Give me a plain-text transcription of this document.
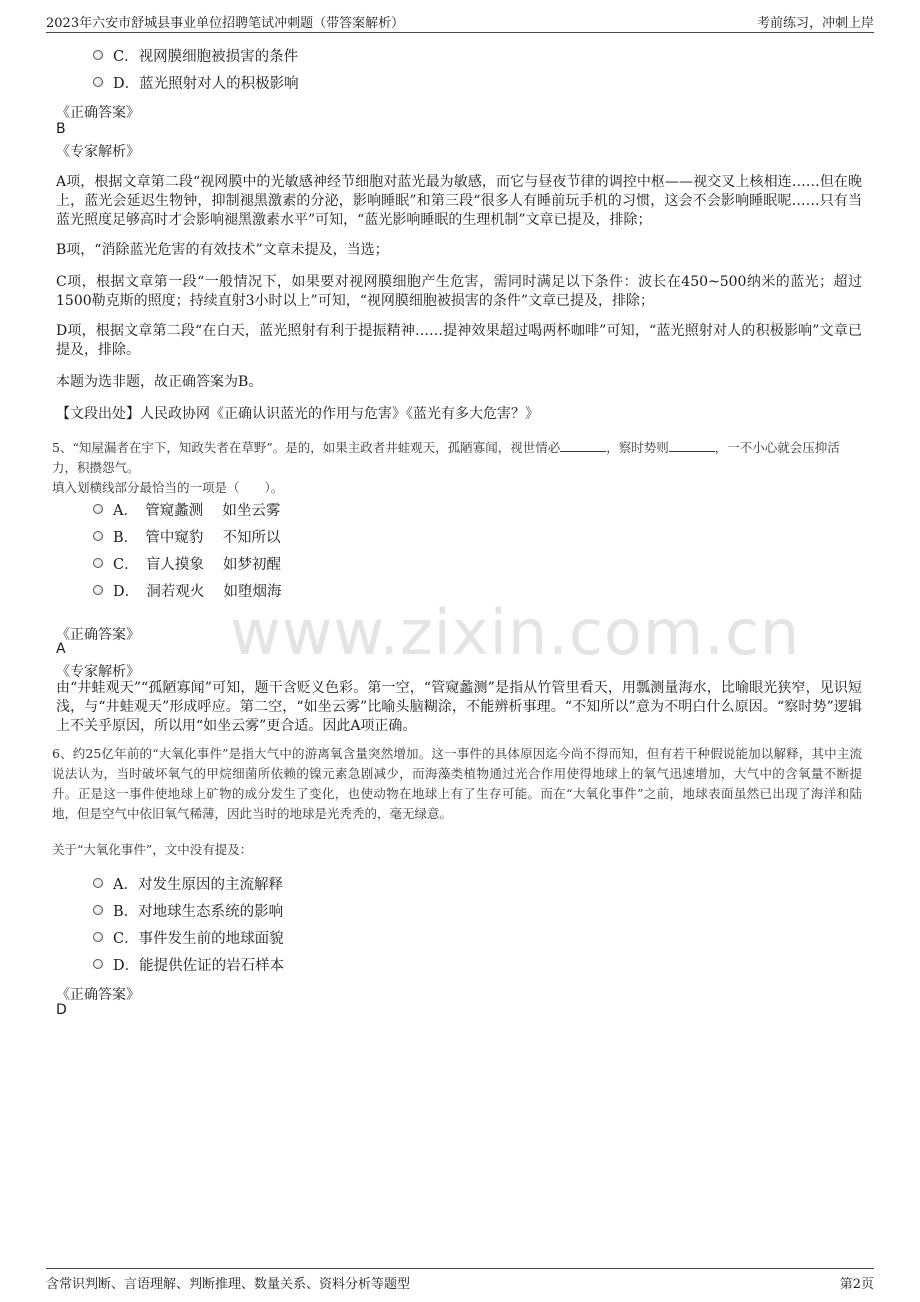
2023年六安市舒城县事业单位招聘笔试冲刺题（带答案解析）	考前练习，冲刺上岸
www.zixin.com.cn
C．视网膜细胞被损害的条件
D．蓝光照射对人的积极影响
《正确答案》
B
《专家解析》
A项，根据文章第二段“视网膜中的光敏感神经节细胞对蓝光最为敏感，而它与昼夜节律的调控中枢——视交叉上核相连……但在晚上，蓝光会延迟生物钟，抑制褪黑激素的分泌，影响睡眠”和第三段“很多人有睡前玩手机的习惯，这会不会影响睡眠呢……只有当蓝光照度足够高时才会影响褪黑激素水平”可知，“蓝光影响睡眠的生理机制”文章已提及，排除；
B项，“消除蓝光危害的有效技术”文章未提及，当选；
C项，根据文章第一段“一般情况下，如果要对视网膜细胞产生危害，需同时满足以下条件：波长在450~500纳米的蓝光；超过1500勒克斯的照度；持续直射3小时以上”可知，“视网膜细胞被损害的条件”文章已提及，排除；
D项，根据文章第二段“在白天，蓝光照射有利于提振精神……提神效果超过喝两杯咖啡”可知，“蓝光照射对人的积极影响”文章已提及，排除。
本题为选非题，故正确答案为B。
【文段出处】人民政协网《正确认识蓝光的作用与危害》《蓝光有多大危害？》
5、“知屋漏者在宇下，知政失者在草野”。是的，如果主政者井蛙观天，孤陋寡闻，视世情必	，察时势则	，一不小心就会压抑活
力，积攒怨气。
填入划横线部分最恰当的一项是（　　）。
A．　管窥蠡测　 如坐云雾
B．　管中窥豹　 不知所以
C．　盲人摸象　 如梦初醒
D．　洞若观火　 如堕烟海
《正确答案》
A
《专家解析》
由“井蛙观天”“孤陋寡闻”可知，题干含贬义色彩。第一空，“管窥蠡测”是指从竹管里看天，用瓢测量海水，比喻眼光狭窄，见识短浅，与“井蛙观天”形成呼应。第二空，“如坐云雾”比喻头脑糊涂，不能辨析事理。“不知所以”意为不明白什么原因。“察时势”逻辑上不关乎原因，所以用“如坐云雾”更合适。因此A项正确。
6、约25亿年前的“大氧化事件”是指大气中的游离氧含量突然增加。这一事件的具体原因迄今尚不得而知，但有若干种假说能加以解释，其中主流说法认为，当时破坏氧气的甲烷细菌所依赖的镍元素急剧减少，而海藻类植物通过光合作用使得地球上的氧气迅速增加，大气中的含氧量不断提升。正是这一事件使地球上矿物的成分发生了变化，也使动物在地球上有了生存可能。而在“大氧化事件”之前，地球表面虽然已出现了海洋和陆地，但是空气中依旧氧气稀薄，因此当时的地球是光秃秃的，毫无绿意。
关于“大氧化事件”，文中没有提及：
A．对发生原因的主流解释
B．对地球生态系统的影响
C．事件发生前的地球面貌
D．能提供佐证的岩石样本
《正确答案》
D
含常识判断、言语理解、判断推理、数量关系、资料分析等题型	第2页
